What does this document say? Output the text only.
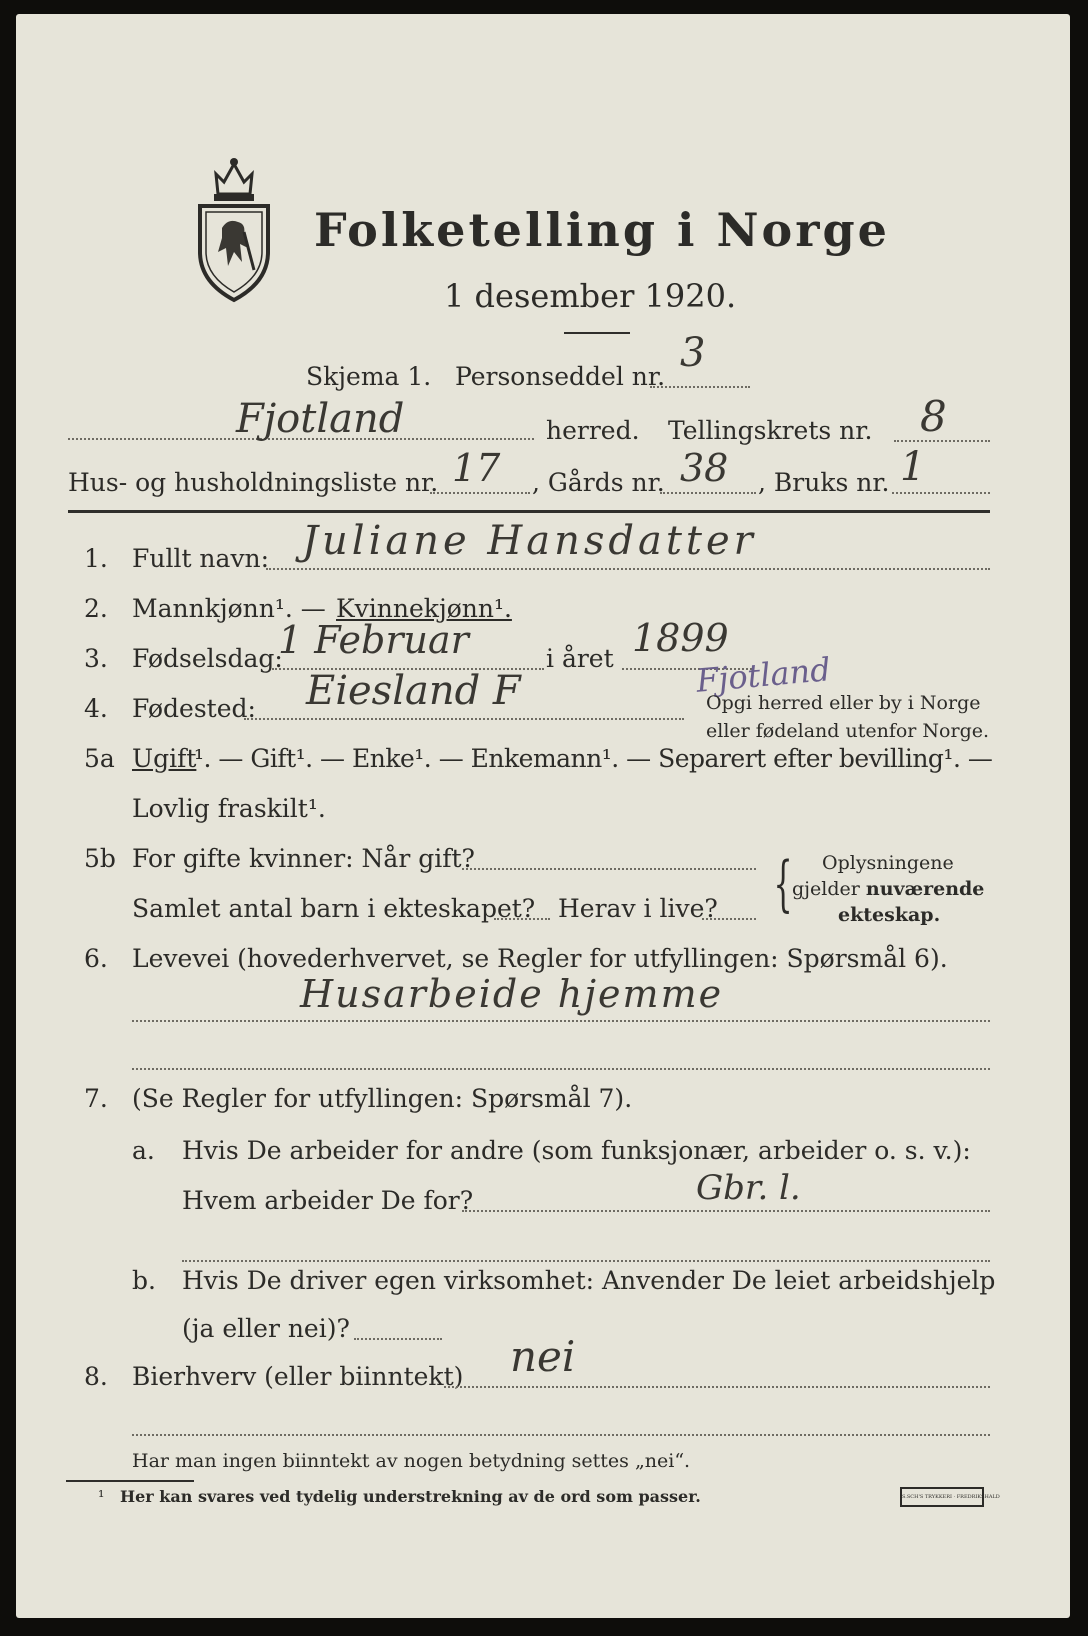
Folketelling i Norge
1 desember 1920.
Skjema 1. Personseddel nr.
3
Fjotland	herred. Tellingskrets nr. 8
Hus- og husholdningsliste nr. 17 , Gårds nr. 38 , Bruks nr. 1
1. Fullt navn: Juliane Hansdatter
2. Mannkjønn¹. — Kvinnekjønn¹.
3. Fødselsdag:
1 Februar	i året 1899
4. Fødested: Eiesland F	Fjotland
Opgi herred eller by i Norge
eller fødeland utenfor Norge.
5a Ugift
¹. — Gift¹. — Enke¹. — Enkemann¹. — Separert efter bevilling¹. —
Lovlig fraskilt¹.
5b For gifte kvinner: Når gift?
Samlet antal barn i ekteskapet? Herav i live? { Oplysningene
gjelder nuværende
ekteskap.
6. Levevei (hovederhvervet, se Regler for utfyllingen: Spørsmål 6).
Husarbeide hjemme
7. (Se Regler for utfyllingen: Spørsmål 7).
a. Hvis De arbeider for andre (som funksjonær, arbeider o. s. v.):
Hvem arbeider De for?	Gbr. l.
b. Hvis De driver egen virksomhet: Anvender De leiet arbeidshjelp
(ja eller nei)?
8. Bierhverv (eller biinntekt) nei
Har man ingen biinntekt av nogen betydning settes „nei“.
¹ Her kan svares ved tydelig understrekning av de ord som passer.	S.SCH'S TRYKKERI · FREDRIKSHALD
